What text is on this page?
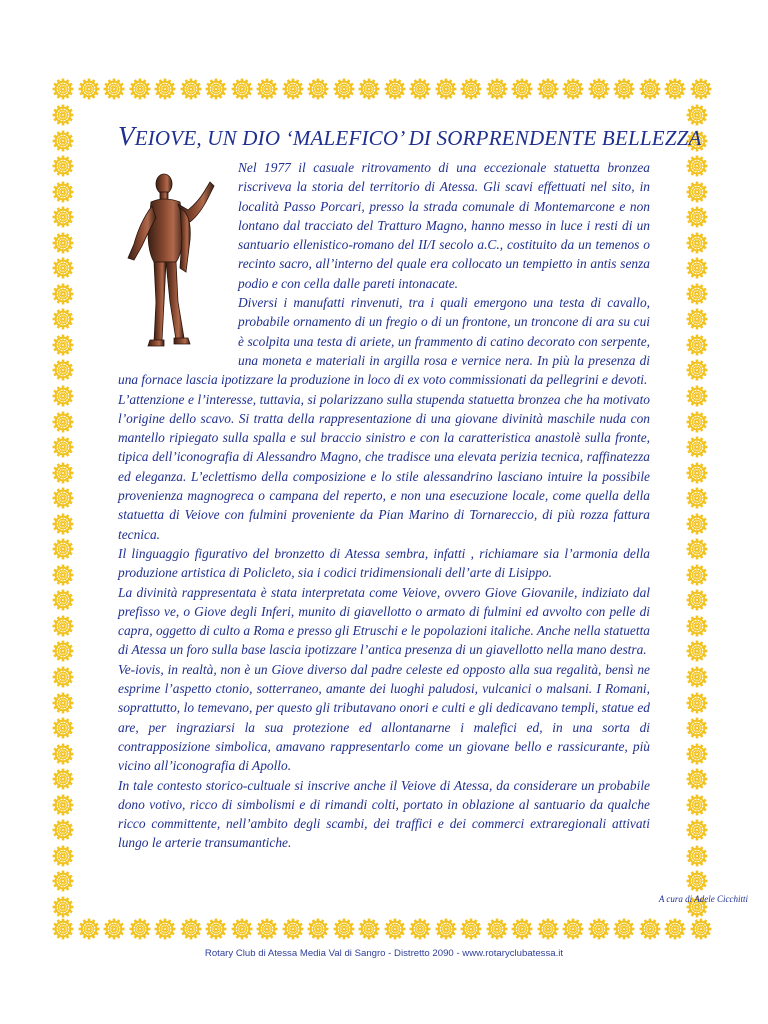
VEIOVE, UN DIO ‘MALEFICO’ DI SORPRENDENTE BELLEZZA

Nel 1977 il casuale ritrovamento di una eccezionale statuetta bronzea riscriveva la storia del territorio di Atessa. Gli scavi effettuati nel sito, in località Passo Porcari, presso la strada comunale di Montemarcone e non lontano dal tracciato del Tratturo Magno, hanno messo in luce i resti di un santuario ellenistico-romano del II/I secolo a.C., costituito da un temenos o recinto sacro, all’interno del quale era collocato un tempietto in antis senza podio e con cella dalle pareti intonacate.

Diversi i manufatti rinvenuti, tra i quali emergono una testa di cavallo, probabile ornamento di un fregio o di un frontone, un troncone di ara su cui è scolpita una testa di ariete, un frammento di catino decorato con serpente, una moneta e materiali in argilla rosa e vernice nera. In più la presenza di una fornace lascia ipotizzare la produzione in loco di ex voto commissionati da pellegrini e devoti.

L’attenzione e l’interesse, tuttavia, si polarizzano sulla stupenda statuetta bronzea che ha motivato l’origine dello scavo. Si tratta della rappresentazione di una giovane divinità maschile nuda con mantello ripiegato sulla spalla e sul braccio sinistro e con la caratteristica anastolè sulla fronte, tipica dell’iconografia di Alessandro Magno, che tradisce una elevata perizia tecnica, raffinatezza ed eleganza. L’eclettismo della composizione e lo stile alessandrino lasciano intuire la possibile provenienza magnogreca o campana del reperto, e non una esecuzione locale, come quella della statuetta di Veiove con fulmini proveniente da Pian Marino di Tornareccio, di più rozza fattura tecnica.

Il linguaggio figurativo del bronzetto di Atessa sembra, infatti , richiamare sia l’armonia della produzione artistica di Policleto, sia i codici tridimensionali dell’arte di Lisippo.

La divinità rappresentata è stata interpretata come Veiove, ovvero Giove Giovanile, indiziato dal prefisso ve, o Giove degli Inferi, munito di giavellotto o armato di fulmini ed avvolto con pelle di capra, oggetto di culto a Roma e presso gli Etruschi e le popolazioni italiche. Anche nella statuetta di Atessa un foro sulla base lascia ipotizzare l’antica presenza di un giavellotto nella mano destra.

Ve-iovis, in realtà, non è un Giove diverso dal padre celeste ed opposto alla sua regalità, bensì ne esprime l’aspetto ctonio, sotterraneo, amante dei luoghi paludosi, vulcanici o malsani. I Romani, soprattutto, lo temevano, per questo gli tributavano onori e culti e gli dedicavano templi, statue ed are, per ingraziarsi la sua protezione ed allontanarne i malefici ed, in una sorta di contrapposizione simbolica, amavano rappresentarlo come un giovane bello e rassicurante, più vicino all’iconografia di Apollo.

In tale contesto storico-cultuale si inscrive anche il Veiove di Atessa, da considerare un probabile dono votivo, ricco di simbolismi e di rimandi colti, portato in oblazione al santuario da qualche ricco committente, nell’ambito degli scambi, dei traffici e dei commerci extraregionali attivati lungo le arterie transumantiche.

A cura di Adele Cicchitti
Rotary Club di Atessa Media Val di Sangro - Distretto 2090 - www.rotaryclubatessa.it
